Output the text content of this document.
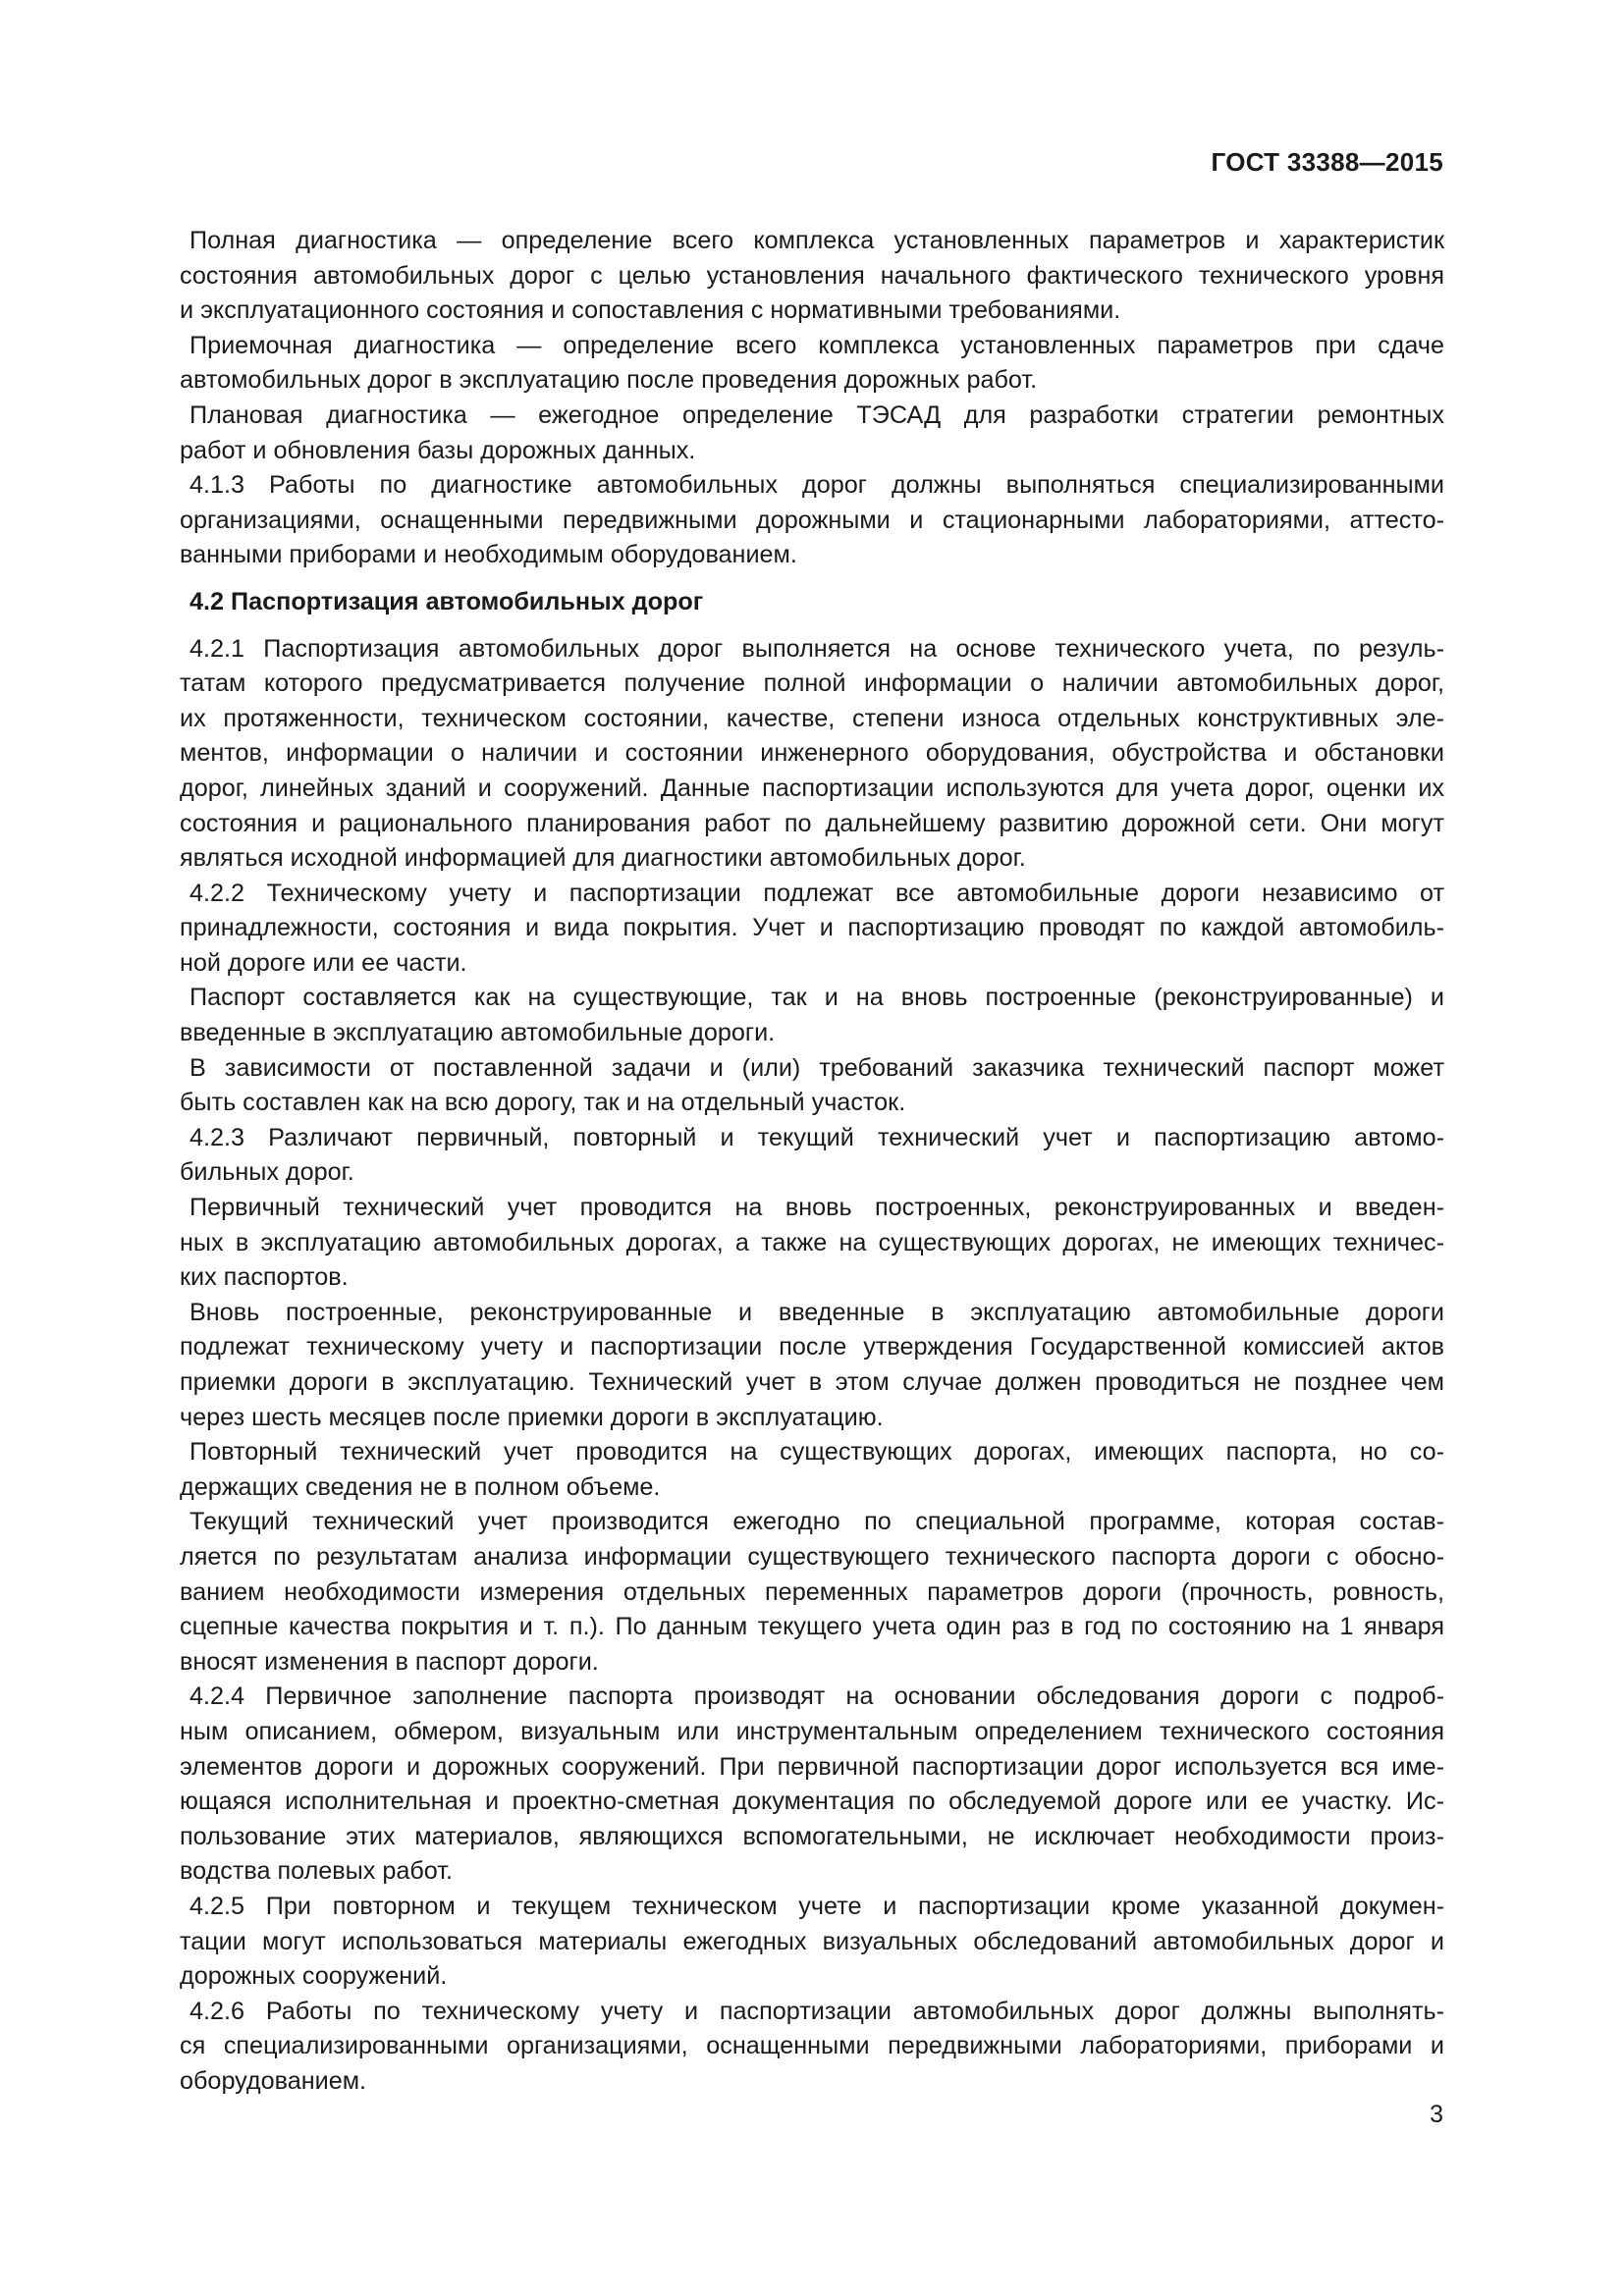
ГОСТ 33388—2015
Полная диагностика — определение всего комплекса установленных параметров и характеристик
состояния автомобильных дорог с целью установления начального фактического технического уровня
и эксплуатационного состояния и сопоставления с нормативными требованиями.
Приемочная диагностика — определение всего комплекса установленных параметров при сдаче
автомобильных дорог в эксплуатацию после проведения дорожных работ.
Плановая диагностика — ежегодное определение ТЭСАД для разработки стратегии ремонтных
работ и обновления базы дорожных данных.
4.1.3 Работы по диагностике автомобильных дорог должны выполняться специализированными
организациями, оснащенными передвижными дорожными и стационарными лабораториями, аттесто-
ванными приборами и необходимым оборудованием.
4.2 Паспортизация автомобильных дорог
4.2.1 Паспортизация автомобильных дорог выполняется на основе технического учета, по резуль-
татам которого предусматривается получение полной информации о наличии автомобильных дорог,
их протяженности, техническом состоянии, качестве, степени износа отдельных конструктивных эле-
ментов, информации о наличии и состоянии инженерного оборудования, обустройства и обстановки
дорог, линейных зданий и сооружений. Данные паспортизации используются для учета дорог, оценки их
состояния и рационального планирования работ по дальнейшему развитию дорожной сети. Они могут
являться исходной информацией для диагностики автомобильных дорог.
4.2.2 Техническому учету и паспортизации подлежат все автомобильные дороги независимо от
принадлежности, состояния и вида покрытия. Учет и паспортизацию проводят по каждой автомобиль-
ной дороге или ее части.
Паспорт составляется как на существующие, так и на вновь построенные (реконструированные) и
введенные в эксплуатацию автомобильные дороги.
В зависимости от поставленной задачи и (или) требований заказчика технический паспорт может
быть составлен как на всю дорогу, так и на отдельный участок.
4.2.3 Различают первичный, повторный и текущий технический учет и паспортизацию автомо-
бильных дорог.
Первичный технический учет проводится на вновь построенных, реконструированных и введен-
ных в эксплуатацию автомобильных дорогах, а также на существующих дорогах, не имеющих техничес-
ких паспортов.
Вновь построенные, реконструированные и введенные в эксплуатацию автомобильные дороги
подлежат техническому учету и паспортизации после утверждения Государственной комиссией актов
приемки дороги в эксплуатацию. Технический учет в этом случае должен проводиться не позднее чем
через шесть месяцев после приемки дороги в эксплуатацию.
Повторный технический учет проводится на существующих дорогах, имеющих паспорта, но со-
держащих сведения не в полном объеме.
Текущий технический учет производится ежегодно по специальной программе, которая состав-
ляется по результатам анализа информации существующего технического паспорта дороги с обосно-
ванием необходимости измерения отдельных переменных параметров дороги (прочность, ровность,
сцепные качества покрытия и т. п.). По данным текущего учета один раз в год по состоянию на 1 января
вносят изменения в паспорт дороги.
4.2.4 Первичное заполнение паспорта производят на основании обследования дороги с подроб-
ным описанием, обмером, визуальным или инструментальным определением технического состояния
элементов дороги и дорожных сооружений. При первичной паспортизации дорог используется вся име-
ющаяся исполнительная и проектно-сметная документация по обследуемой дороге или ее участку. Ис-
пользование этих материалов, являющихся вспомогательными, не исключает необходимости произ-
водства полевых работ.
4.2.5 При повторном и текущем техническом учете и паспортизации кроме указанной докумен-
тации могут использоваться материалы ежегодных визуальных обследований автомобильных дорог и
дорожных сооружений.
4.2.6 Работы по техническому учету и паспортизации автомобильных дорог должны выполнять-
ся специализированными организациями, оснащенными передвижными лабораториями, приборами и
оборудованием.
3
